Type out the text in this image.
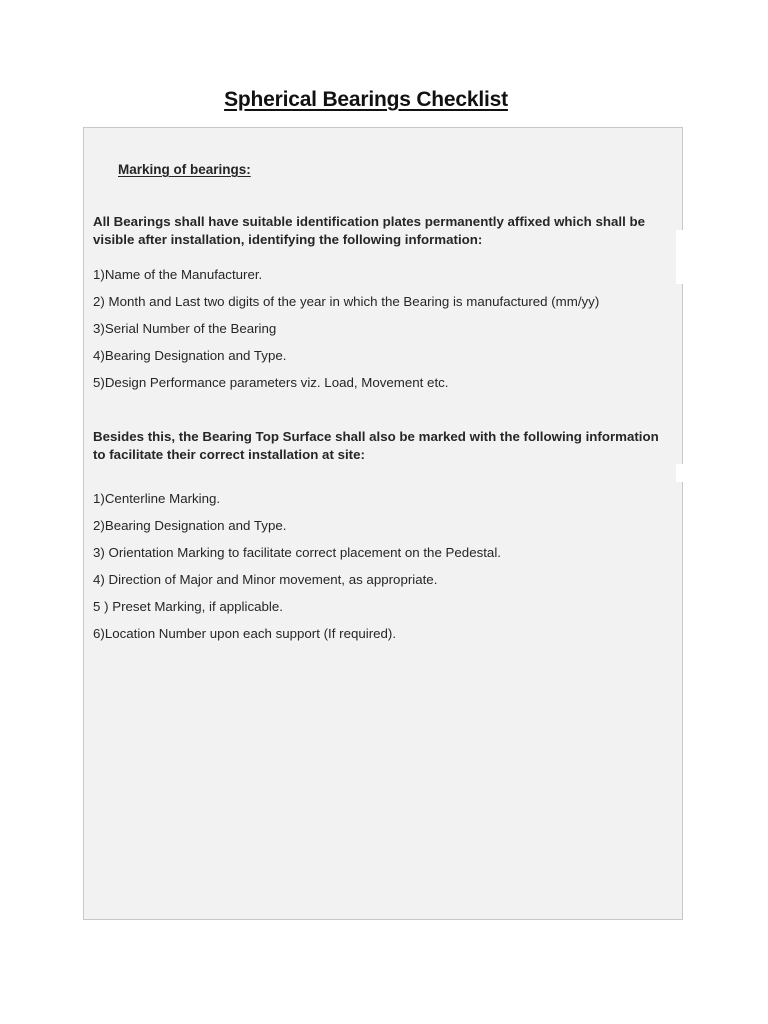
Spherical Bearings Checklist
Marking of bearings:

All Bearings shall have suitable identification plates permanently affixed which shall be visible after installation, identifying the following information:

1)Name of the Manufacturer.
2) Month and Last two digits of the year in which the Bearing is manufactured (mm/yy)
3)Serial Number of the Bearing
4)Bearing Designation and Type.
5)Design Performance parameters viz. Load, Movement etc.

Besides this, the Bearing Top Surface shall also be marked with the following information to facilitate their correct installation at site:

1)Centerline Marking.
2)Bearing Designation and Type.
3) Orientation Marking to facilitate correct placement on the Pedestal.
4) Direction of Major and Minor movement, as appropriate.
5 ) Preset Marking, if applicable.
6)Location Number upon each support (If required).
